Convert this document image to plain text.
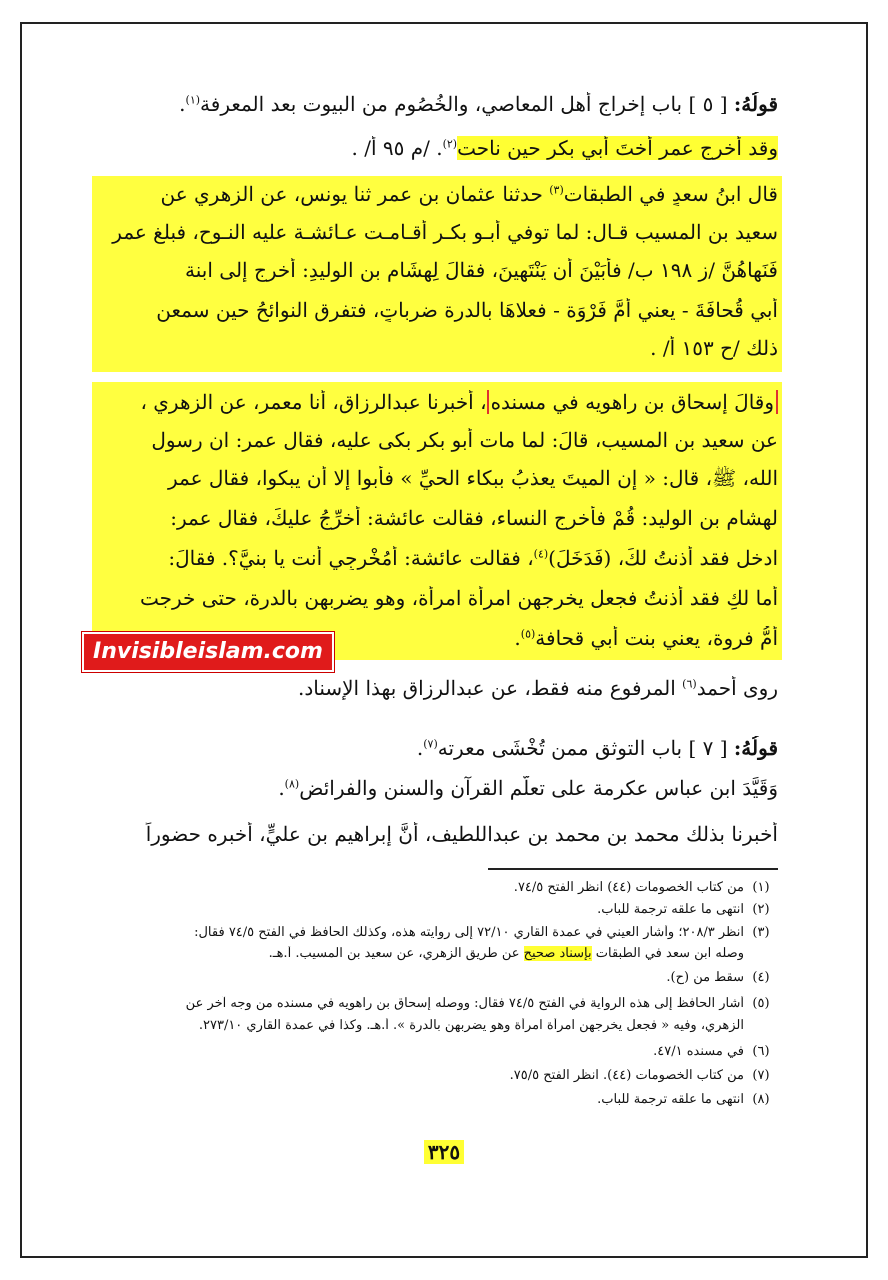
قولُهُ: [ ٥ ] باب إخراج أهلِ المعاصي، والخُصُومِ من البيوت بعد المعرفة$^{(١)}$.
وقد أخرج عمر أُختَ أبي بكر حين ناحت$^{(٢)}$. /م ٩٥ أ/ .
قال ابنُ سعدٍ في الطبقات$^{(٣)}$ حدثنا عثمان بن عمر ثنا يونس، عن الزهري عن
سعيد بن المسيب قـال: لما توفي أبـو بكـر أقـامـت عـائشـة عليه النـوح، فبلغ عمر
فَنَهاهُنَّ /ز ١٩٨ ب/ فأَبَيْنَ أن يَنْتَهِينَ، فقالَ لِهِشَامِ بن الوليدِ: أخرج إلى ابنة
أبي قُحافَةَ - يعني أُمَّ فَرْوَة - فعلاهَا بالدرة ضرباتٍ، فتفرق النوائحُ حين سمعن
ذلك /ح ١٥٣ أ/ .
وقالَ إسحاق بن راهويه في مسنده، أخبرنا عبدالرزاق، أنا معمر، عن الزهري ،
عن سعيد بن المسيب، قالَ: لما مات أبو بكر بكى عليه، فقال عمر: ان رسول
الله، ﷺ، قال: « إن الميتَ يعذبُ ببكاء الحيِّ » فأبوا إلا أن يبكوا، فقال عمر
لهشام بن الوليد: قُمْ فأخرج النساء، فقالت عائشة: أُخرِّجُ عليكَ، فقال عمر:
ادخل فقد أذنتُ لكَ، (فَدَخَلَ)$^{(٤)}$، فقالت عائشة: أمُخْرِجِي أنت يا بنيَّ؟. فقالَ:
أما لكِ فقد أذنتُ فجعل يخرجهن امرأة امرأة، وهو يضربهن بالدرة، حتى خرجت
أمُّ فروة، يعني بنت أبي قحافة$^{(٥)}$.
Invisibleislam.com
روى أحمد$^{(٦)}$ المرفوع منه فقط، عن عبدالرزاق بهذا الإسناد.
قولُهُ: [ ٧ ] باب التوثقِ ممن تُخْشَى معرته$^{(٧)}$.
وَقَيَّدَ ابن عباس عكرمة على تعلُّمِ القرآنِ والسنن والفرائضِ$^{(٨)}$.
أخبرنا بذلك محمد بن محمد بن عبداللطيف، أَنَّ إبراهيم بن عليٍّ، أخبره حضوراً
(١)من كتاب الخصومات (٤٤) انظر الفتح ٧٤/٥.
(٢)انتهى ما علقه ترجمة للباب.
(٣)انظر ٢٠٨/٣؛ وأشار العيني في عمدة القاري ٧٢/١٠ إلى روايته هذه، وكذلك الحافظ في الفتح ٧٤/٥ فقال:
وصله ابن سعد في الطبقات بإسناد صحيح عن طريق الزهري، عن سعيد بن المسيب. أ.هـ.
(٤)سقط من (ح).
(٥)أشار الحافظ إلى هذه الرواية في الفتح ٧٤/٥ فقال: ووصله إسحاق بن راهويه في مسنده من وجه آخر عن
الزهري، وفيه « فجعل يخرجهن امرأة امرأة وهو يضربهن بالدرة ». أ.هـ. وكذا في عمدة القاري ٢٧٣/١٠.
(٦)في مسنده ٤٧/١.
(٧)من كتاب الخصومات (٤٤). انظر الفتح ٧٥/٥.
(٨)انتهى ما علقه ترجمة للباب.
٣٢٥
